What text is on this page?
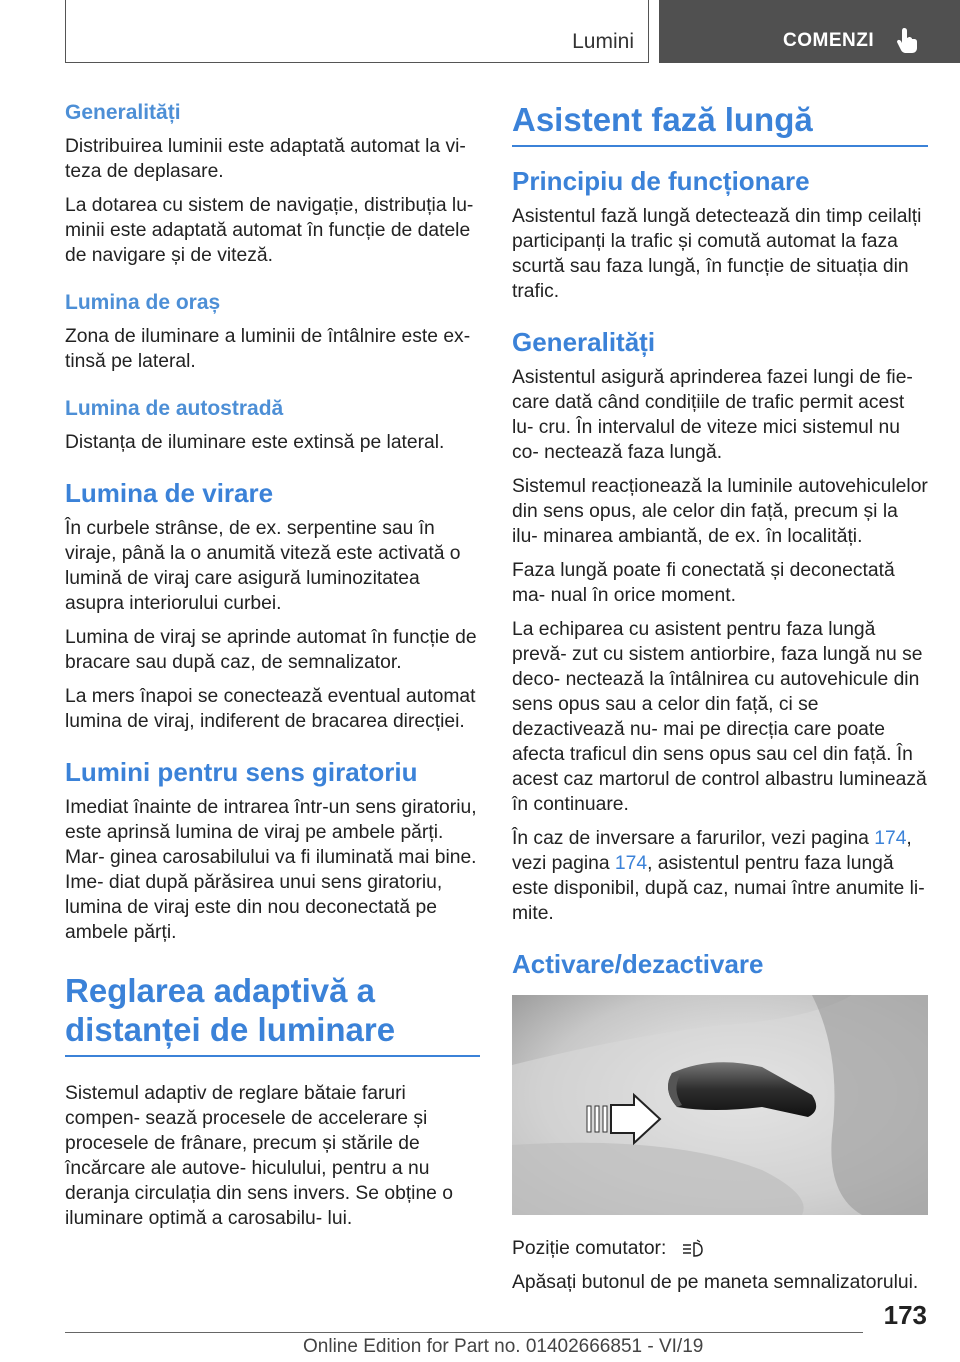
Lumini	COMENZI
Generalități

Distribuirea luminii este adaptată automat la vi‐ teza de deplasare.

La dotarea cu sistem de navigație, distribuția lu‐ minii este adaptată automat în funcție de datele de navigare și de viteză.

Lumina de oraș

Zona de iluminare a luminii de întâlnire este ex‐ tinsă pe lateral.

Lumina de autostradă

Distanța de iluminare este extinsă pe lateral.

Lumina de virare

În curbele strânse, de ex. serpentine sau în viraje, până la o anumită viteză este activată o lumină de viraj care asigură luminozitatea asupra interiorului curbei.

Lumina de viraj se aprinde automat în funcție de bracare sau după caz, de semnalizator.

La mers înapoi se conectează eventual automat lumina de viraj, indiferent de bracarea direcției.

Lumini pentru sens giratoriu

Imediat înainte de intrarea într-un sens giratoriu, este aprinsă lumina de viraj pe ambele părți. Mar‐ ginea carosabilului va fi iluminată mai bine. Ime‐ diat după părăsirea unui sens giratoriu, lumina de viraj este din nou deconectată pe ambele părți.

Reglarea adaptivă a distanței de luminare

Sistemul adaptiv de reglare bătaie faruri compen‐ sează procesele de accelerare și procesele de frânare, precum și stările de încărcare ale autove‐ hiculului, pentru a nu deranja circulația din sens invers. Se obține o iluminare optimă a carosabilu‐ lui.

Asistent fază lungă
Principiu de funcționare

Asistentul fază lungă detectează din timp ceilalți participanți la trafic și comută automat la faza scurtă sau faza lungă, în funcție de situația din trafic.

Generalități

Asistentul asigură aprinderea fazei lungi de fie‐ care dată când condițiile de trafic permit acest lu‐ cru. În intervalul de viteze mici sistemul nu co‐ nectează faza lungă.

Sistemul reacționează la luminile autovehiculelor din sens opus, ale celor din față, precum și la ilu‐ minarea ambiantă, de ex. în localități.

Faza lungă poate fi conectată și deconectată ma‐ nual în orice moment.

La echiparea cu asistent pentru faza lungă prevă‐ zut cu sistem antiorbire, faza lungă nu se deco‐ nectează la întâlnirea cu autovehicule din sens opus sau a celor din față, ci se dezactivează nu‐ mai pe direcția care poate afecta traficul din sens opus sau cel din față. În acest caz martorul de control albastru luminează în continuare.

În caz de inversare a farurilor, vezi pagina 174, vezi pagina 174, asistentul pentru faza lungă este disponibil, după caz, numai între anumite li‐ mite.

Activare/dezactivare

Poziție comutator:

Apăsați butonul de pe maneta semnalizatorului.

173
Online Edition for Part no. 01402666851 - VI/19
